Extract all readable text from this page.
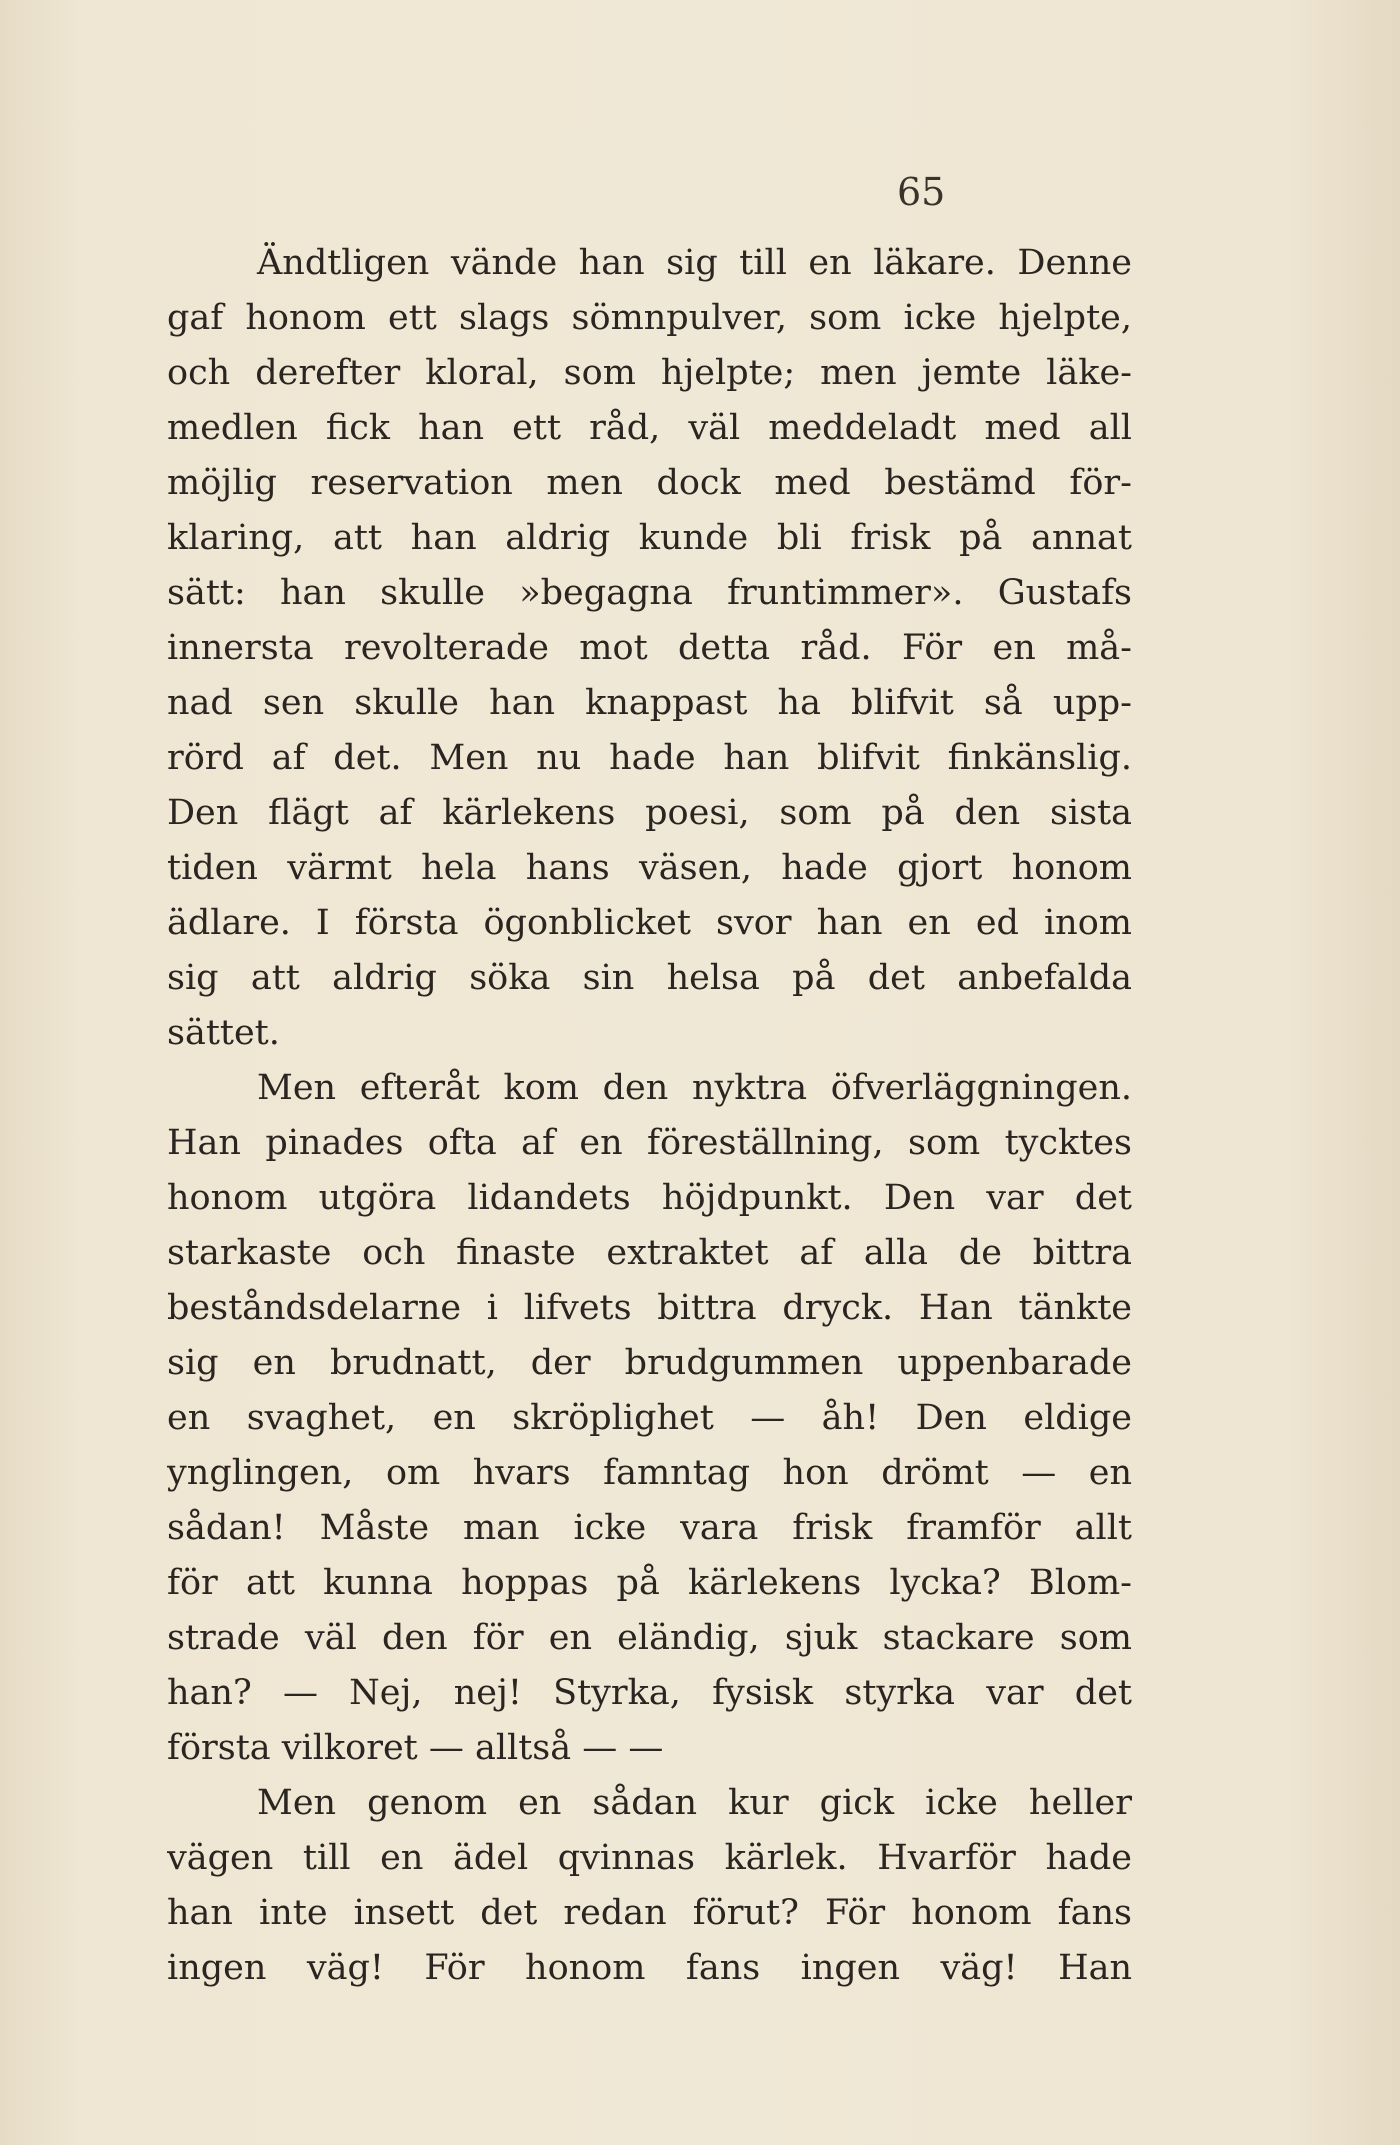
65
Ändtligen vände han sig till en läkare. Denne
gaf honom ett slags sömnpulver, som icke hjelpte,
och derefter kloral, som hjelpte; men jemte läke-
medlen fick han ett råd, väl meddeladt med all
möjlig reservation men dock med bestämd för-
klaring, att han aldrig kunde bli frisk på annat
sätt: han skulle »begagna fruntimmer». Gustafs
innersta revolterade mot detta råd. För en må-
nad sen skulle han knappast ha blifvit så upp-
rörd af det. Men nu hade han blifvit finkänslig.
Den flägt af kärlekens poesi, som på den sista
tiden värmt hela hans väsen, hade gjort honom
ädlare. I första ögonblicket svor han en ed inom
sig att aldrig söka sin helsa på det anbefalda
sättet.
Men efteråt kom den nyktra öfverläggningen.
Han pinades ofta af en föreställning, som tycktes
honom utgöra lidandets höjdpunkt. Den var det
starkaste och finaste extraktet af alla de bittra
beståndsdelarne i lifvets bittra dryck. Han tänkte
sig en brudnatt, der brudgummen uppenbarade
en svaghet, en skröplighet — åh! Den eldige
ynglingen, om hvars famntag hon drömt — en
sådan! Måste man icke vara frisk framför allt
för att kunna hoppas på kärlekens lycka? Blom-
strade väl den för en eländig, sjuk stackare som
han? — Nej, nej! Styrka, fysisk styrka var det
första vilkoret — alltså — —
Men genom en sådan kur gick icke heller
vägen till en ädel qvinnas kärlek. Hvarför hade
han inte insett det redan förut? För honom fans
ingen väg! För honom fans ingen väg! Han
